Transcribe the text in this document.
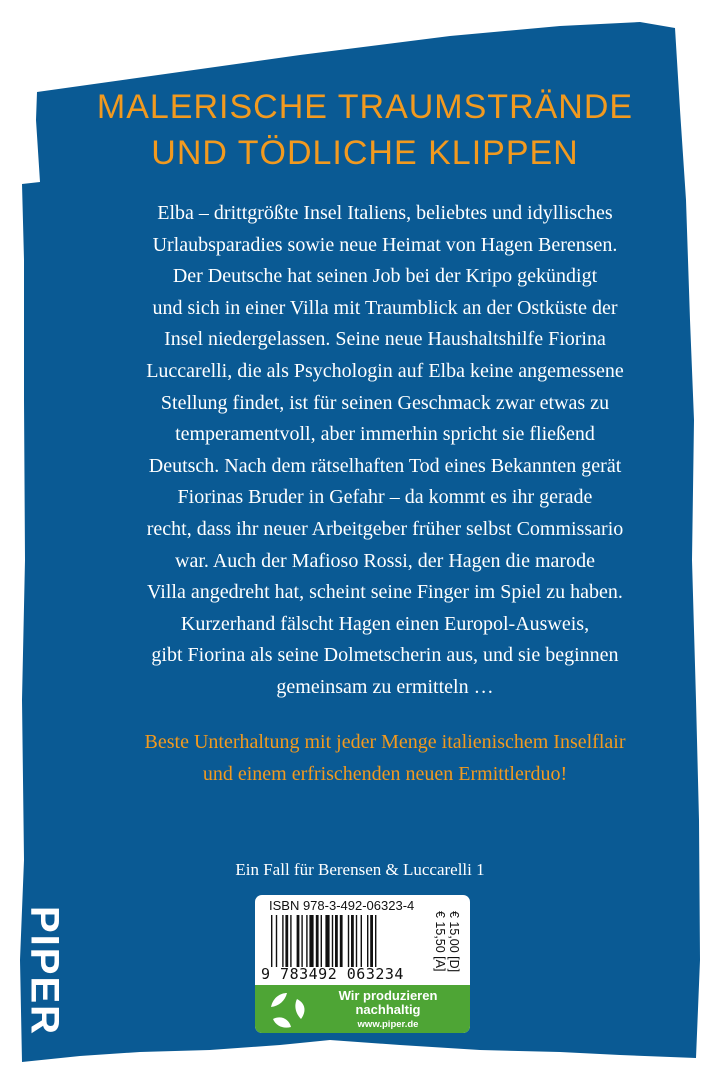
MALERISCHE TRAUMSTRÄNDE
UND TÖDLICHE KLIPPEN
Elba – drittgrößte Insel Italiens, beliebtes und idyllisches
Urlaubsparadies sowie neue Heimat von Hagen Berensen.
Der Deutsche hat seinen Job bei der Kripo gekündigt
und sich in einer Villa mit Traumblick an der Ostküste der
Insel niedergelassen. Seine neue Haushaltshilfe Fiorina
Luccarelli, die als Psychologin auf Elba keine angemessene
Stellung findet, ist für seinen Geschmack zwar etwas zu
temperamentvoll, aber immerhin spricht sie fließend
Deutsch. Nach dem rätselhaften Tod eines Bekannten gerät
Fiorinas Bruder in Gefahr – da kommt es ihr gerade
recht, dass ihr neuer Arbeitgeber früher selbst Commissario
war. Auch der Mafioso Rossi, der Hagen die marode
Villa angedreht hat, scheint seine Finger im Spiel zu haben.
Kurzerhand fälscht Hagen einen Europol-Ausweis,
gibt Fiorina als seine Dolmetscherin aus, und sie beginnen
gemeinsam zu ermitteln …
Beste Unterhaltung mit jeder Menge italienischem Inselflair
und einem erfrischenden neuen Ermittlerduo!
Ein Fall für Berensen & Luccarelli 1
PIPER
ISBN 978-3-492-06323-4
9 783492 063234
€ 15,00 [D]
€ 15,50 [A]
Wir produzieren
nachhaltig
www.piper.de
